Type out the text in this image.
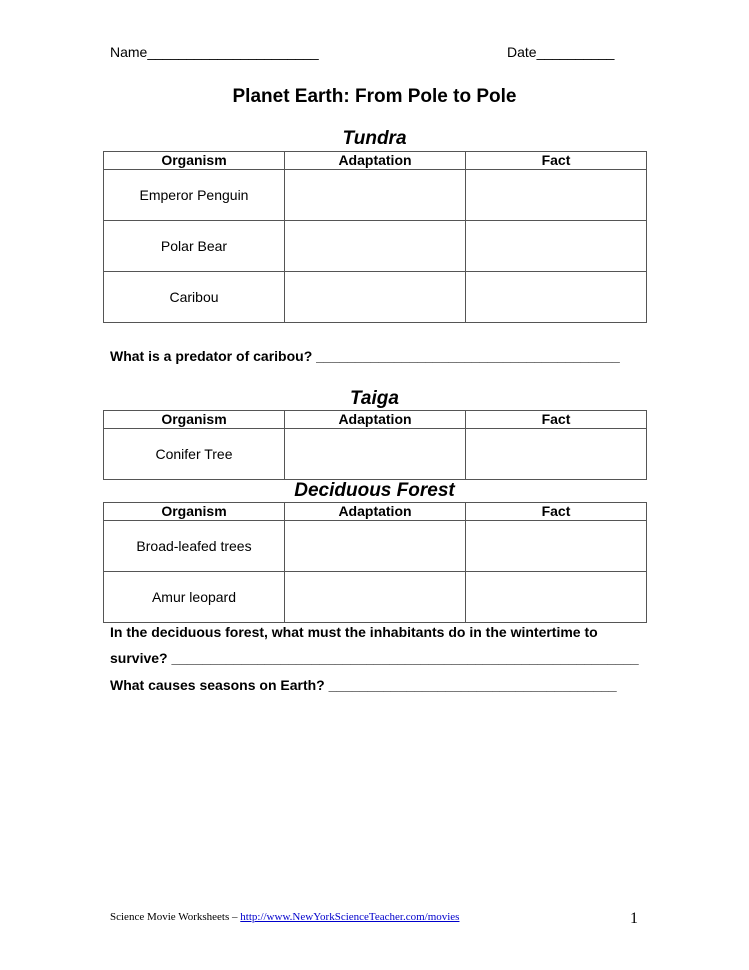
Name______________________	Date__________
Planet Earth: From Pole to Pole
Tundra
Organism	Adaptation	Fact
Emperor Penguin		
Polar Bear		
Caribou		
What is a predator of caribou? _______________________________________
Taiga
Organism	Adaptation	Fact
Conifer Tree		
Deciduous Forest
Organism	Adaptation	Fact
Broad-leafed trees		
Amur leopard		
In the deciduous forest, what must the inhabitants do in the wintertime to
survive? ____________________________________________________________
What causes seasons on Earth? _____________________________________
Science Movie Worksheets – http://www.NewYorkScienceTeacher.com/movies	1
